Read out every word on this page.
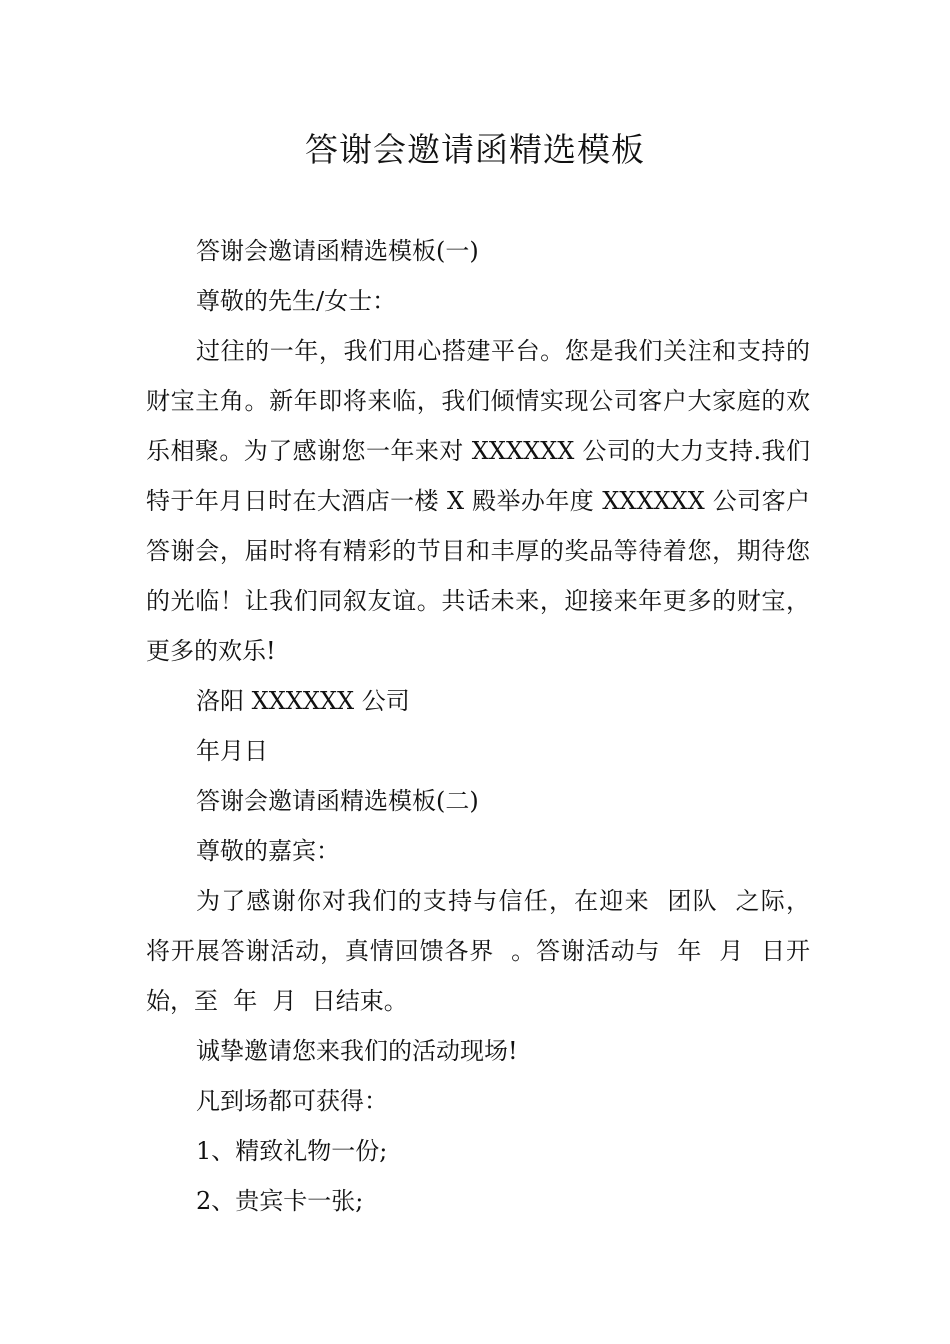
答谢会邀请函精选模板

答谢会邀请函精选模板(一)

尊敬的先生/女士：

过往的一年，我们用心搭建平台。您是我们关注和支持的财宝主角。新年即将来临，我们倾情实现公司客户大家庭的欢乐相聚。为了感谢您一年来对 XXXXXX 公司的大力支持.我们特于年月日时在大酒店一楼 X 殿举办年度 XXXXXX 公司客户答谢会，届时将有精彩的节目和丰厚的奖品等待着您，期待您的光临！让我们同叙友谊。共话未来，迎接来年更多的财宝，更多的欢乐!

洛阳 XXXXXX 公司

年月日

答谢会邀请函精选模板(二)

尊敬的嘉宾：

为了感谢你对我们的支持与信任，在迎来  团队  之际， 将开展答谢活动，真情回馈各界  。答谢活动与  年  月  日开始，至  年  月  日结束。

诚挚邀请您来我们的活动现场!

凡到场都可获得：

1、精致礼物一份;

2、贵宾卡一张;
